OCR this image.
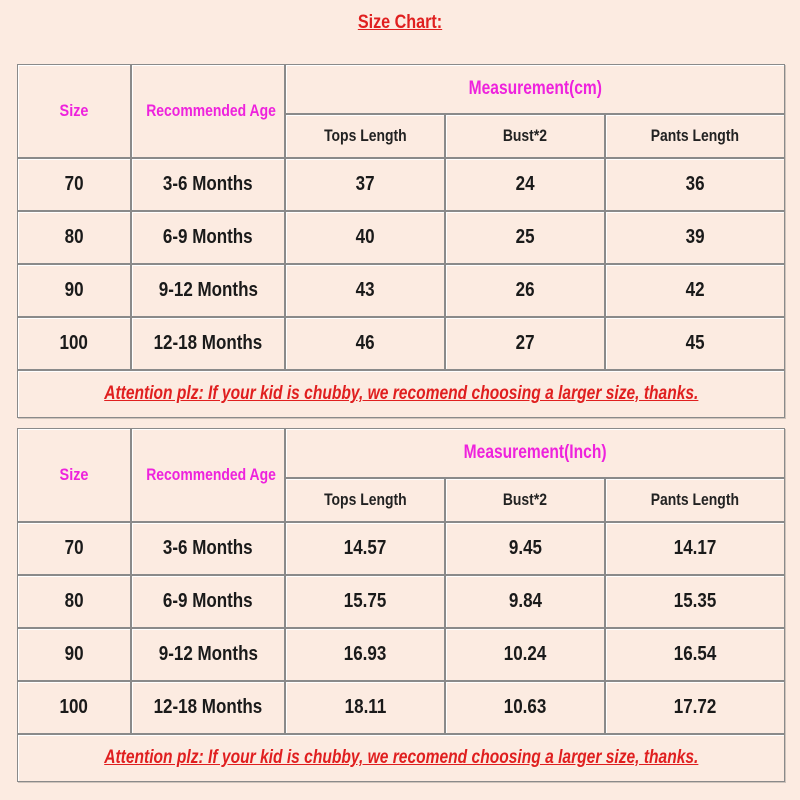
Size Chart:
Size	Recommended Age	Measurement(cm)		
		Tops Length	Bust*2	Pants Length
70	3-6 Months	37	24	36
80	6-9 Months	40	25	39
90	9-12 Months	43	26	42
100	12-18 Months	46	27	45
Attention plz: If your kid is chubby, we recomend choosing a larger size, thanks.				
Size	Recommended Age	Measurement(Inch)		
		Tops Length	Bust*2	Pants Length
70	3-6 Months	14.57	9.45	14.17
80	6-9 Months	15.75	9.84	15.35
90	9-12 Months	16.93	10.24	16.54
100	12-18 Months	18.11	10.63	17.72
Attention plz: If your kid is chubby, we recomend choosing a larger size, thanks.				
